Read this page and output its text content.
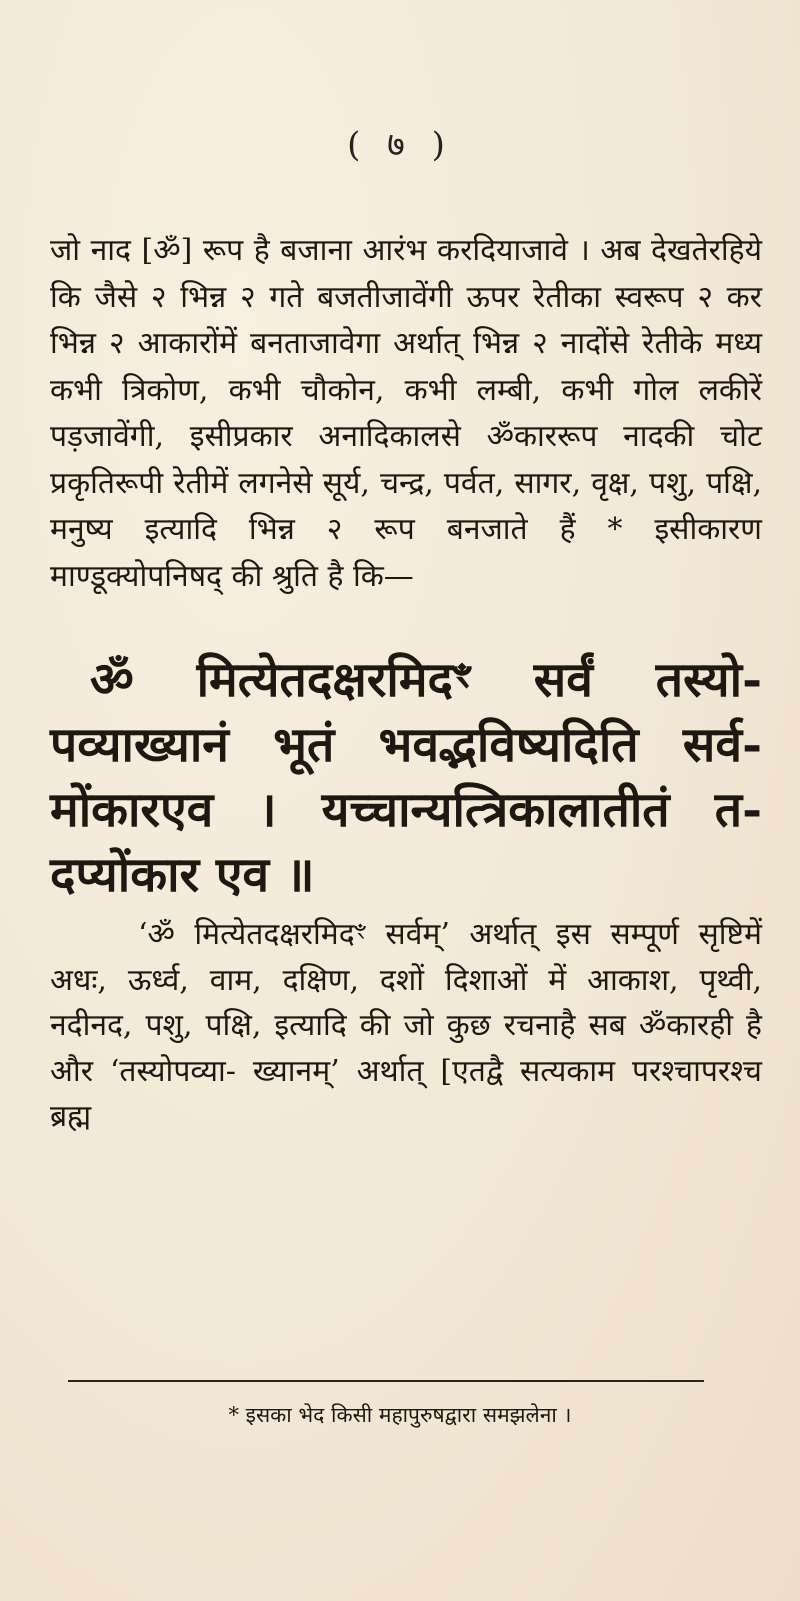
( ७ )

जो नाद [ॐ] रूप है बजाना आरंभ करदियाजावे । अब देखतेरहिये कि जैसे २ भिन्न २ गते बजतीजावेंगी ऊपर रेतीका स्वरूप २ कर भिन्न २ आकारोंमें बनताजावेगा अर्थात् भिन्न २ नादोंसे रेतीके मध्य कभी त्रिकोण, कभी चौकोन, कभी लम्बी, कभी गोल लकीरें पड़जावेंगी, इसीप्रकार अनादिकालसे ॐकाररूप नादकी चोट प्रकृतिरूपी रेतीमें लगनेसे सूर्य, चन्द्र, पर्वत, सागर, वृक्ष, पशु, पक्षि, मनुष्य इत्यादि भिन्न २ रूप बनजाते हैं * इसीकारण माण्डूक्योपनिषद् की श्रुति है कि—

ॐ मित्येतदक्षरमिदꣳ सर्वं तस्यो- पव्याख्यानं भूतं भवद्भविष्यदिति सर्व- मोंकारएव । यच्चान्यत्त्रिकालातीतं त- दप्योंकार एव ॥

‘ॐ मित्येतदक्षरमिदꣳ सर्वम्’ अर्थात् इस सम्पूर्ण सृष्टिमें अधः, ऊर्ध्व, वाम, दक्षिण, दशों दिशाओं में आकाश, पृथ्वी, नदीनद, पशु, पक्षि, इत्यादि की जो कुछ रचनाहै सब ॐकारही है और ‘तस्योपव्या- ख्यानम्’ अर्थात् [एतद्वै सत्यकाम परश्चापरश्च ब्रह्म

* इसका भेद किसी महापुरुषद्वारा समझलेना ।
